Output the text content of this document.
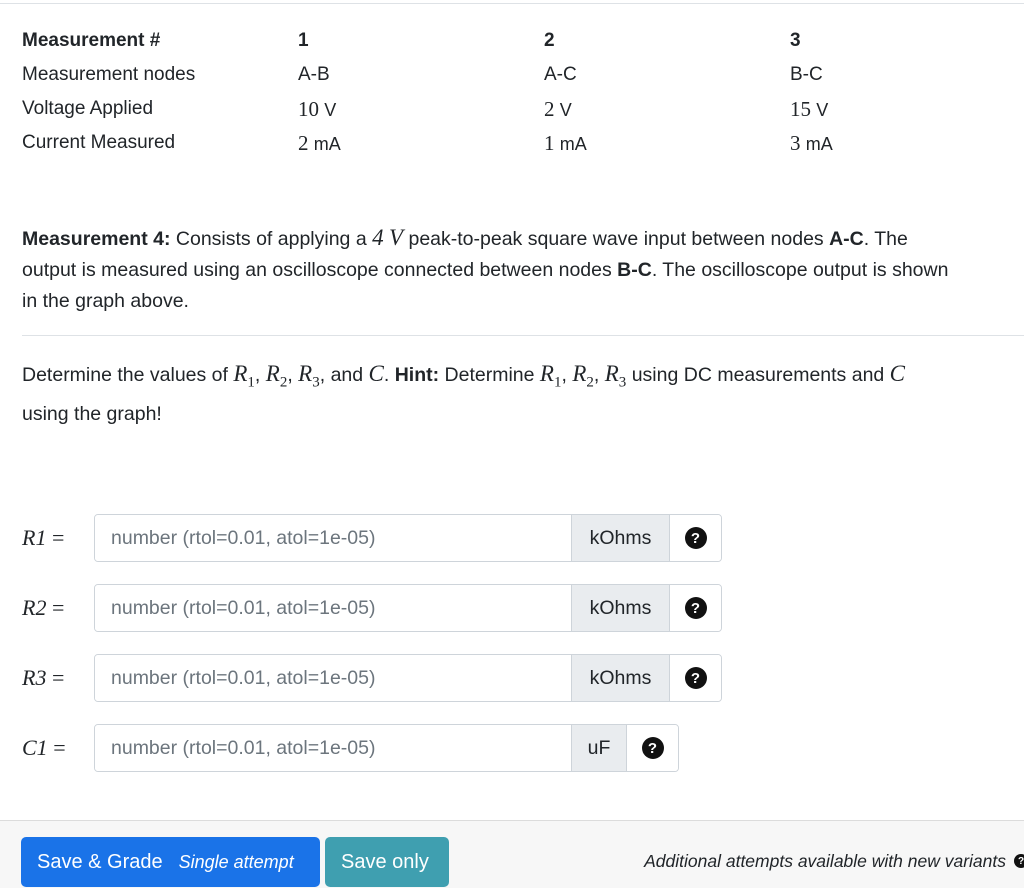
Measurement #	1	2	3
Measurement nodes	A-B	A-C	B-C
Voltage Applied	10 V	2 V	15 V
Current Measured	2 mA	1 mA	3 mA

Measurement 4: Consists of applying a 4 V peak-to-peak square wave input between nodes A-C. The
output is measured using an oscilloscope connected between nodes B-C. The oscilloscope output is shown
in the graph above.

Determine the values of $R_1$, $R_2$, $R_3$, and C. Hint: Determine $R_1$, $R_2$, $R_3$ using DC measurements and C
using the graph!

R1 =
number (rtol=0.01, atol=1e-05)	kOhms	?
R2 =
number (rtol=0.01, atol=1e-05)	kOhms	?
R3 =
number (rtol=0.01, atol=1e-05)	kOhms	?
C1 =
number (rtol=0.01, atol=1e-05)	uF	?
Save & Grade Single attempt	Save only	Additional attempts available with new variants	?
